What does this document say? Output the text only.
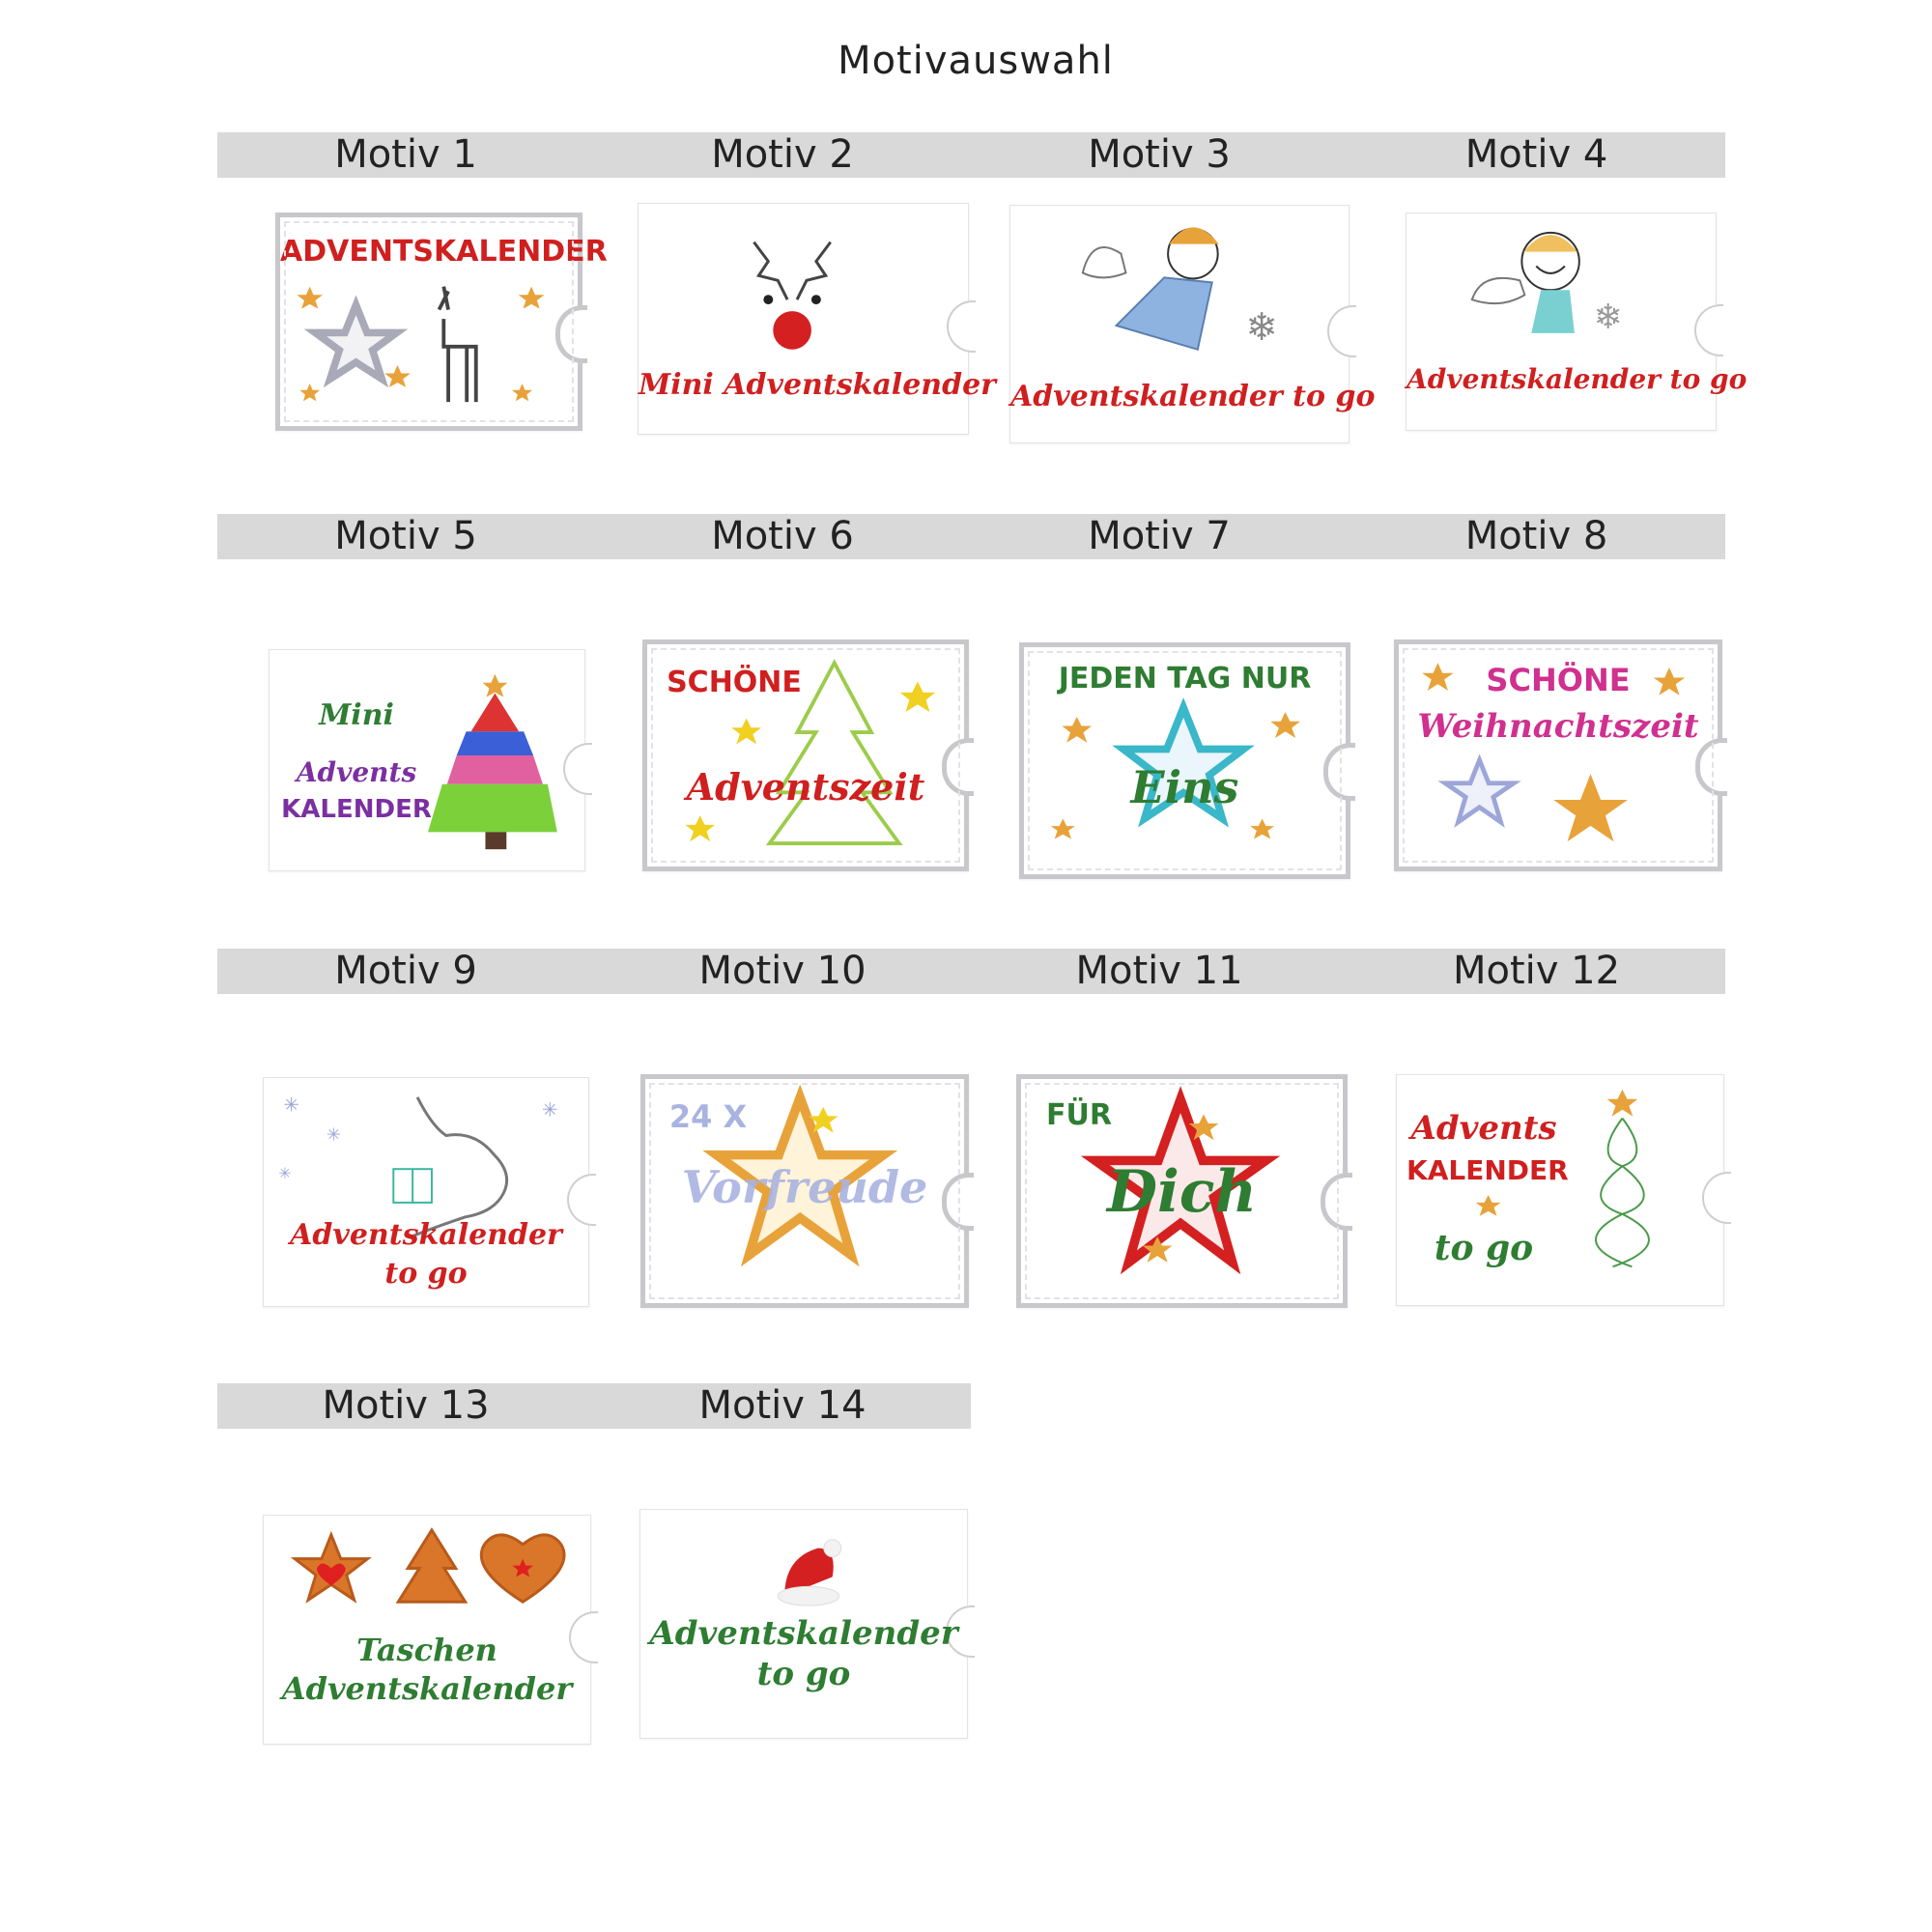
Motivauswahl
Motiv 1	Motiv 2	Motiv 3	Motiv 4
ADVENTSKALENDER
Mini Adventskalender
❄
Adventskalender to go
❄
Adventskalender to go
Motiv 5	Motiv 6	Motiv 7	Motiv 8
Mini
Advents
KALENDER
SCHÖNE
Adventszeit
JEDEN TAG NUR
Eins
SCHÖNE
Weihnachtszeit
Motiv 9	Motiv 10	Motiv 11	Motiv 12
✳
✳
✳
✳
Adventskalender
to go
24 X
Vorfreude
FÜR
Dich
Advents
KALENDER
to go
Motiv 13	Motiv 14
Taschen
Adventskalender
Adventskalender
to go
